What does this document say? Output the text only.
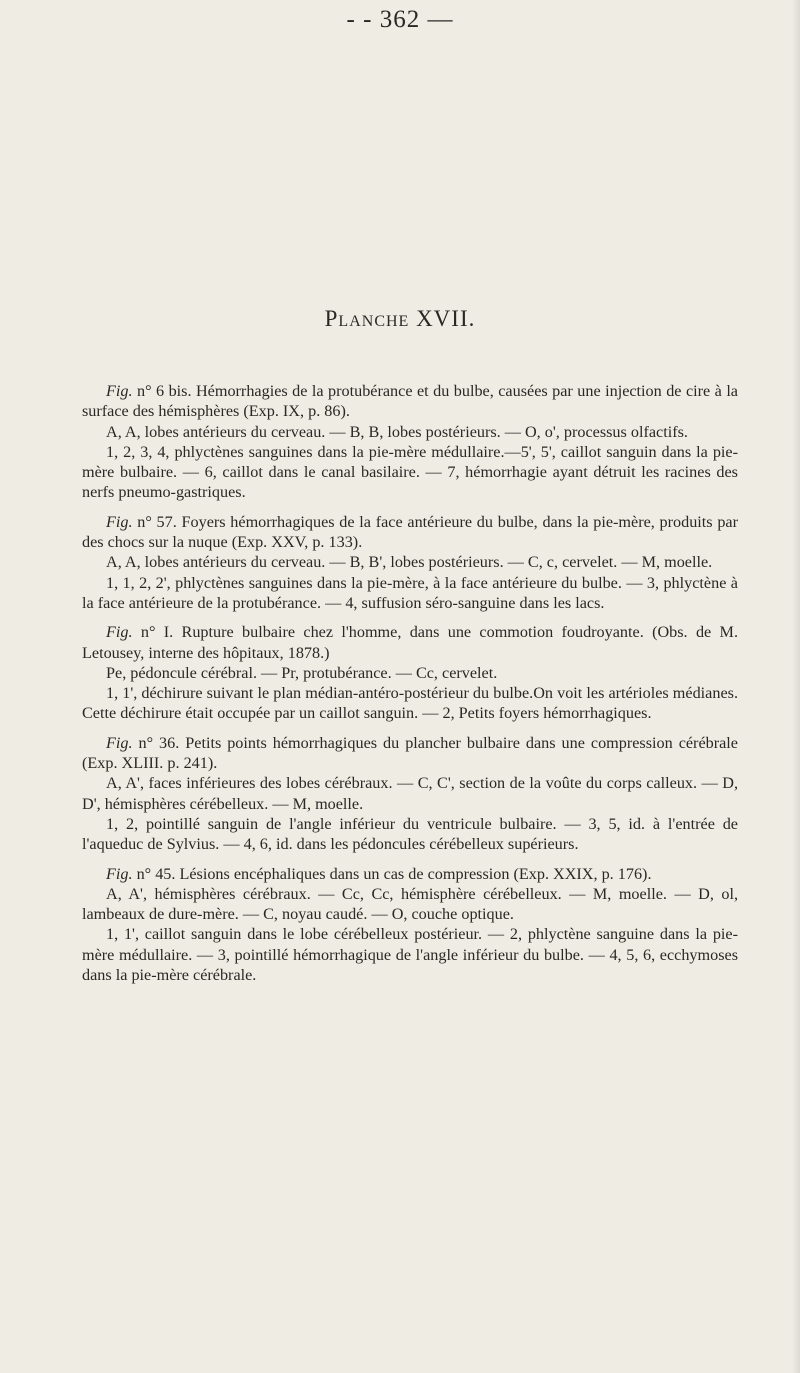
- - 362 —
Planche XVII.

Fig. n° 6 bis. Hémorrhagies de la protubérance et du bulbe, causées par une injection de cire à la surface des hémisphères (Exp. IX, p. 86).

A, A, lobes antérieurs du cerveau. — B, B, lobes postérieurs. — O, o', processus olfactifs.

1, 2, 3, 4, phlyctènes sanguines dans la pie-mère médullaire.—5', 5', caillot sanguin dans la pie-mère bulbaire. — 6, caillot dans le canal basilaire. — 7, hémorrhagie ayant détruit les racines des nerfs pneumo-gastriques.

Fig. n° 57. Foyers hémorrhagiques de la face antérieure du bulbe, dans la pie-mère, produits par des chocs sur la nuque (Exp. XXV, p. 133).

A, A, lobes antérieurs du cerveau. — B, B', lobes postérieurs. — C, c, cervelet. — M, moelle.

1, 1, 2, 2', phlyctènes sanguines dans la pie-mère, à la face antérieure du bulbe. — 3, phlyctène à la face antérieure de la protubérance. — 4, suffusion séro-sanguine dans les lacs.

Fig. n° I. Rupture bulbaire chez l'homme, dans une commotion foudroyante. (Obs. de M. Letousey, interne des hôpitaux, 1878.)

Pe, pédoncule cérébral. — Pr, protubérance. — Cc, cervelet.

1, 1', déchirure suivant le plan médian-antéro-postérieur du bulbe.On voit les artérioles médianes. Cette déchirure était occupée par un caillot sanguin. — 2, Petits foyers hémorrhagiques.

Fig. n° 36. Petits points hémorrhagiques du plancher bulbaire dans une compression cérébrale (Exp. XLIII. p. 241).

A, A', faces inférieures des lobes cérébraux. — C, C', section de la voûte du corps calleux. — D, D', hémisphères cérébelleux. — M, moelle.

1, 2, pointillé sanguin de l'angle inférieur du ventricule bulbaire. — 3, 5, id. à l'entrée de l'aqueduc de Sylvius. — 4, 6, id. dans les pédoncules cérébelleux supérieurs.

Fig. n° 45. Lésions encéphaliques dans un cas de compression (Exp. XXIX, p. 176).

A, A', hémisphères cérébraux. — Cc, Cc, hémisphère cérébelleux. — M, moelle. — D, ol, lambeaux de dure-mère. — C, noyau caudé. — O, couche optique.

1, 1', caillot sanguin dans le lobe cérébelleux postérieur. — 2, phlyctène sanguine dans la pie-mère médullaire. — 3, pointillé hémorrhagique de l'angle inférieur du bulbe. — 4, 5, 6, ecchymoses dans la pie-mère cérébrale.
